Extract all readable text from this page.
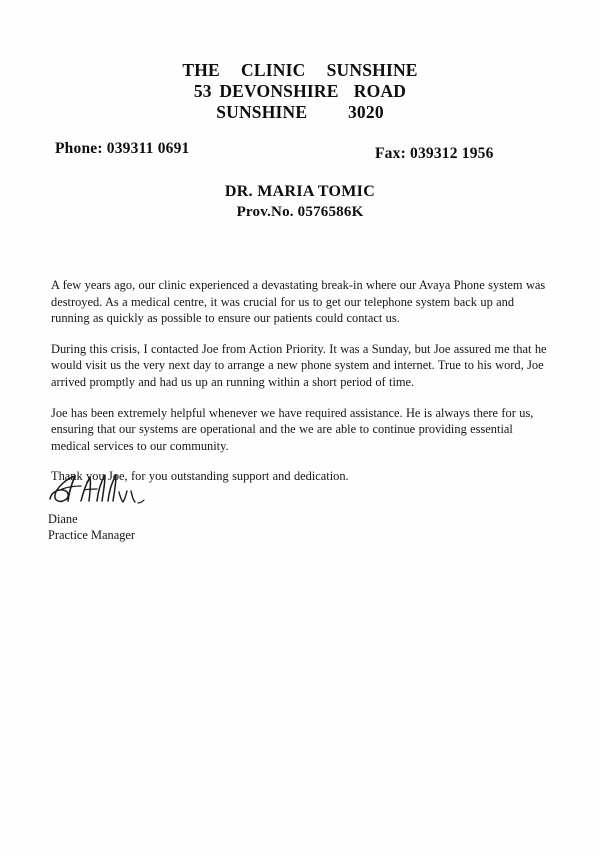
THE  CLINIC  SUNSHINE
53 DEVONSHIRE  ROAD
SUNSHINE   3020
Phone: 039311 0691	Fax: 039312 1956
DR. MARIA TOMIC
Prov.No. 0576586K

A few years ago, our clinic experienced a devastating break-in where our Avaya Phone system was destroyed. As a medical centre, it was crucial for us to get our telephone system back up and running as quickly as possible to ensure our patients could contact us.

During this crisis, I contacted Joe from Action Priority. It was a Sunday, but Joe assured me that he would visit us the very next day to arrange a new phone system and internet. True to his word, Joe arrived promptly and had us up an running within a short period of time.

Joe has been extremely helpful whenever we have required assistance. He is always there for us, ensuring that our systems are operational and the we are able to continue providing essential medical services to our community.

Thank you Joe, for you outstanding support and dedication.

Diane
Practice Manager
